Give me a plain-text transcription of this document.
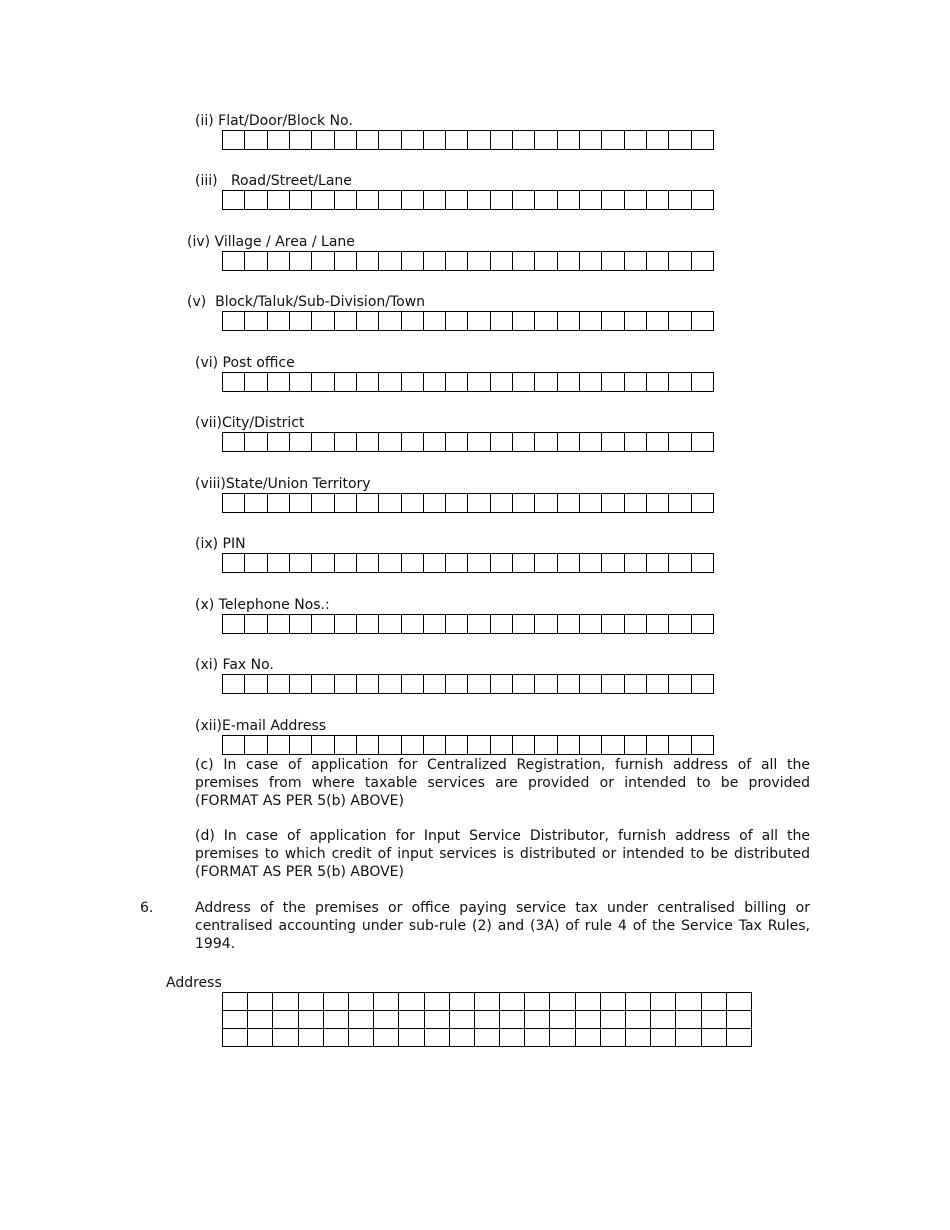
(ii) Flat/Door/Block No.

(iii)   Road/Street/Lane

(iv) Village / Area / Lane

(v)  Block/Taluk/Sub-Division/Town

(vi) Post office

(vii)City/District

(viii)State/Union Territory

(ix) PIN

(x) Telephone Nos.:

(xi) Fax No.

(xii)E-mail Address

(c) In case of application for Centralized Registration, furnish address of all the premises from where taxable services are provided or intended to be provided (FORMAT AS PER 5(b) ABOVE)

(d) In case of application for Input Service Distributor, furnish address of all the premises to which credit of input services is distributed or intended to be distributed (FORMAT AS PER 5(b) ABOVE)

6.	Address of the premises or office paying service tax under centralised billing or centralised accounting under sub-rule (2) and (3A) of rule 4 of the Service Tax Rules, 1994.

Address
